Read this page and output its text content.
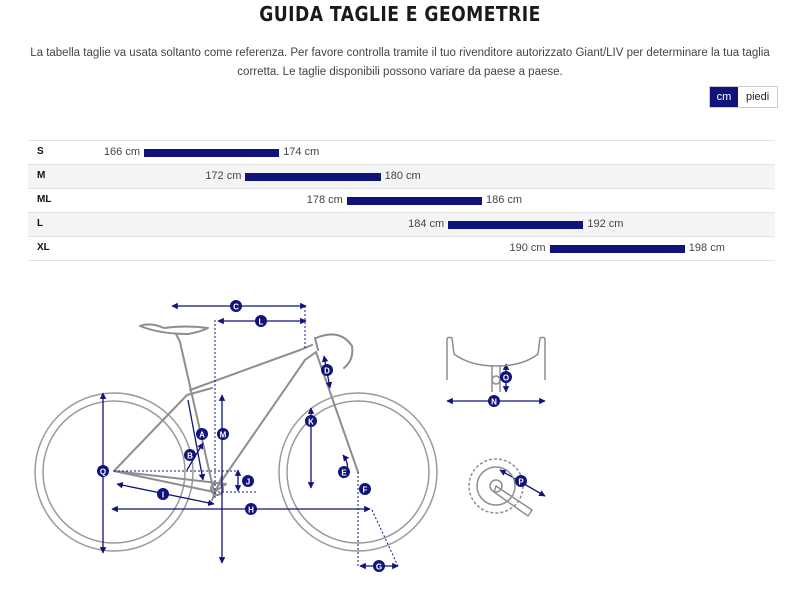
GUIDA TAGLIE E GEOMETRIE
La tabella taglie va usata soltanto come referenza. Per favore controlla tramite il tuo rivenditore autorizzato Giant/LIV per determinare la tua taglia corretta. Le taglie disponibili possono variare da paese a paese.
cm	piedi
S	166 cm	174 cm
M	172 cm	180 cm
ML	178 cm	186 cm
L	184 cm	192 cm
XL	190 cm	198 cm
C
L
D
K
A M
B
Q	E
J
F
I
H
G
O
N
P
